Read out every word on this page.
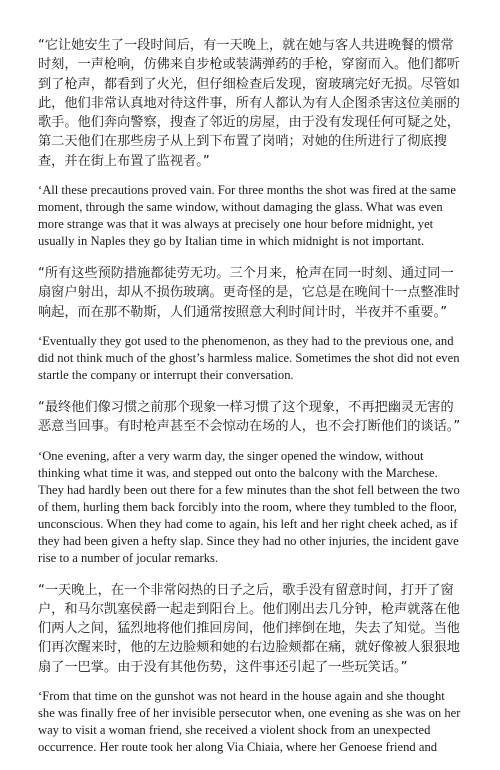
“它让她安生了一段时间后，有一天晚上，就在她与客人共进晚餐的惯常时刻，一声枪响，仿佛来自步枪或装满弹药的手枪，穿窗而入。他们都听到了枪声，都看到了火光，但仔细检查后发现，窗玻璃完好无损。尽管如此，他们非常认真地对待这件事，所有人都认为有人企图杀害这位美丽的歌手。他们奔向警察，搜查了邻近的房屋，由于没有发现任何可疑之处，第二天他们在那些房子从上到下布置了岗哨；对她的住所进行了彻底搜查，并在街上布置了监视者。”

‘All these precautions proved vain. For three months the shot was fired at the same moment, through the same window, without damaging the glass. What was even more strange was that it was always at precisely one hour before midnight, yet usually in Naples they go by Italian time in which midnight is not important.

“所有这些预防措施都徒劳无功。三个月来，枪声在同一时刻、通过同一扇窗户射出，却从不损伤玻璃。更奇怪的是，它总是在晚间十一点整准时响起，而在那不勒斯，人们通常按照意大利时间计时，半夜并不重要。”

‘Eventually they got used to the phenomenon, as they had to the previous one, and did not think much of the ghost’s harmless malice. Sometimes the shot did not even startle the company or interrupt their conversation.

“最终他们像习惯之前那个现象一样习惯了这个现象，不再把幽灵无害的恶意当回事。有时枪声甚至不会惊动在场的人，也不会打断他们的谈话。”

‘One evening, after a very warm day, the singer opened the window, without thinking what time it was, and stepped out onto the balcony with the Marchese. They had hardly been out there for a few minutes than the shot fell between the two of them, hurling them back forcibly into the room, where they tumbled to the floor, unconscious. When they had come to again, his left and her right cheek ached, as if they had been given a hefty slap. Since they had no other injuries, the incident gave rise to a number of jocular remarks.

“一天晚上，在一个非常闷热的日子之后，歌手没有留意时间，打开了窗户，和马尔凯塞侯爵一起走到阳台上。他们刚出去几分钟，枪声就落在他们两人之间，猛烈地将他们推回房间，他们摔倒在地，失去了知觉。当他们再次醒来时，他的左边脸颊和她的右边脸颊都在痛，就好像被人狠狠地扇了一巴掌。由于没有其他伤势，这件事还引起了一些玩笑话。”

‘From that time on the gunshot was not heard in the house again and she thought she was finally free of her invisible persecutor when, one evening as she was on her way to visit a woman friend, she received a violent shock from an unexpected occurrence. Her route took her along Via Chiaia, where her Genoese friend and
